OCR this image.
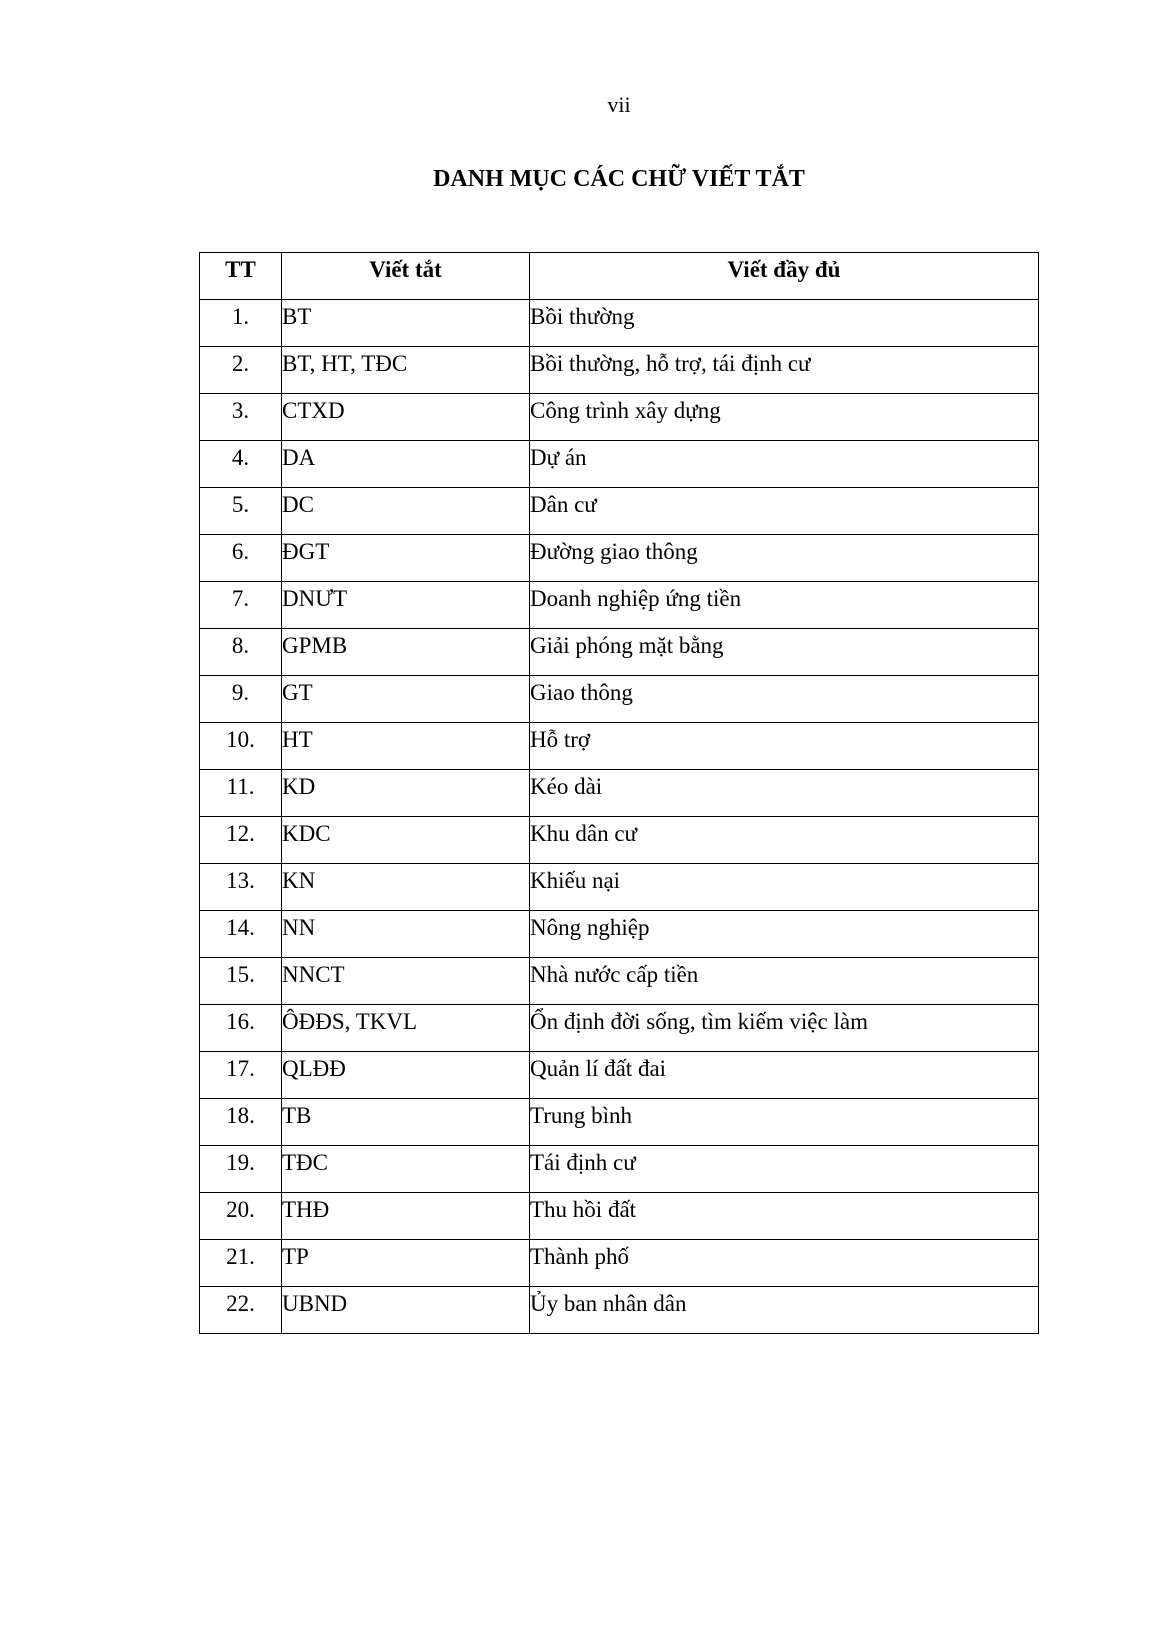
vii
DANH MỤC CÁC CHỮ VIẾT TẮT
TT	Viết tắt	Viết đầy đủ
1.	BT	Bồi thường
2.	BT, HT, TĐC	Bồi thường, hỗ trợ, tái định cư
3.	CTXD	Công trình xây dựng
4.	DA	Dự án
5.	DC	Dân cư
6.	ĐGT	Đường giao thông
7.	DNƯT	Doanh nghiệp ứng tiền
8.	GPMB	Giải phóng mặt bằng
9.	GT	Giao thông
10.	HT	Hỗ trợ
11.	KD	Kéo dài
12.	KDC	Khu dân cư
13.	KN	Khiếu nại
14.	NN	Nông nghiệp
15.	NNCT	Nhà nước cấp tiền
16.	ÔĐĐS, TKVL	Ổn định đời sống, tìm kiếm việc làm
17.	QLĐĐ	Quản lí đất đai
18.	TB	Trung bình
19.	TĐC	Tái định cư
20.	THĐ	Thu hồi đất
21.	TP	Thành phố
22.	UBND	Ủy ban nhân dân
